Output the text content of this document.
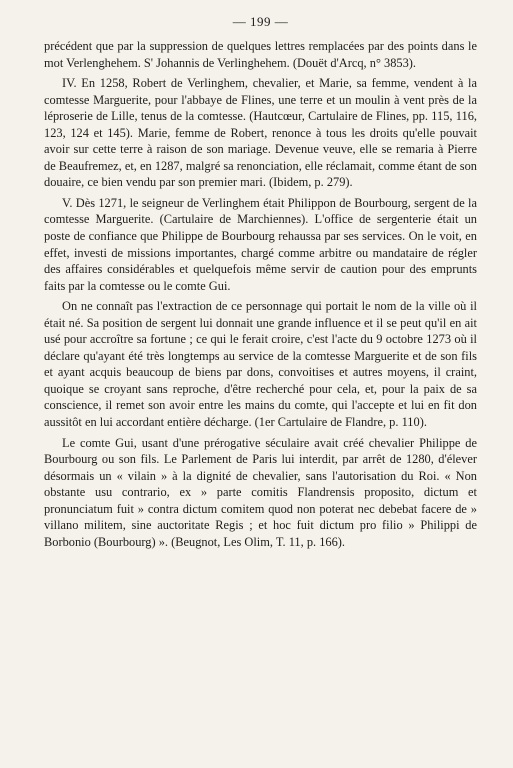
— 199 —

précédent que par la suppression de quelques lettres remplacées par des points dans le mot Verlenghehem. S' Johannis de Verlinghehem. (Douët d'Arcq, n° 3853).

IV. En 1258, Robert de Verlinghem, chevalier, et Marie, sa femme, vendent à la comtesse Marguerite, pour l'abbaye de Flines, une terre et un moulin à vent près de la léproserie de Lille, tenus de la comtesse. (Hautcœur, Cartulaire de Flines, pp. 115, 116, 123, 124 et 145). Marie, femme de Robert, renonce à tous les droits qu'elle pouvait avoir sur cette terre à raison de son mariage. Devenue veuve, elle se remaria à Pierre de Beaufremez, et, en 1287, malgré sa renonciation, elle réclamait, comme étant de son douaire, ce bien vendu par son premier mari. (Ibidem, p. 279).

V. Dès 1271, le seigneur de Verlinghem était Philippon de Bourbourg, sergent de la comtesse Marguerite. (Cartulaire de Marchiennes). L'office de sergenterie était un poste de confiance que Philippe de Bourbourg rehaussa par ses services. On le voit, en effet, investi de missions importantes, chargé comme arbitre ou mandataire de régler des affaires considérables et quelquefois même servir de caution pour des emprunts faits par la comtesse ou le comte Gui.

On ne connaît pas l'extraction de ce personnage qui portait le nom de la ville où il était né. Sa position de sergent lui donnait une grande influence et il se peut qu'il en ait usé pour accroître sa fortune ; ce qui le ferait croire, c'est l'acte du 9 octobre 1273 où il déclare qu'ayant été très longtemps au service de la comtesse Marguerite et de son fils et ayant acquis beaucoup de biens par dons, convoitises et autres moyens, il craint, quoique se croyant sans reproche, d'être recherché pour cela, et, pour la paix de sa conscience, il remet son avoir entre les mains du comte, qui l'accepte et lui en fit don aussitôt en lui accordant entière décharge. (1er Cartulaire de Flandre, p. 110).

Le comte Gui, usant d'une prérogative séculaire avait créé chevalier Philippe de Bourbourg ou son fils. Le Parlement de Paris lui interdit, par arrêt de 1280, d'élever désormais un « vilain » à la dignité de chevalier, sans l'autorisation du Roi. « Non obstante usu contrario, ex » parte comitis Flandrensis proposito, dictum et pronunciatum fuit » contra dictum comitem quod non poterat nec debebat facere de » villano militem, sine auctoritate Regis ; et hoc fuit dictum pro filio » Philippi de Borbonio (Bourbourg) ». (Beugnot, Les Olim, T. 11, p. 166).
